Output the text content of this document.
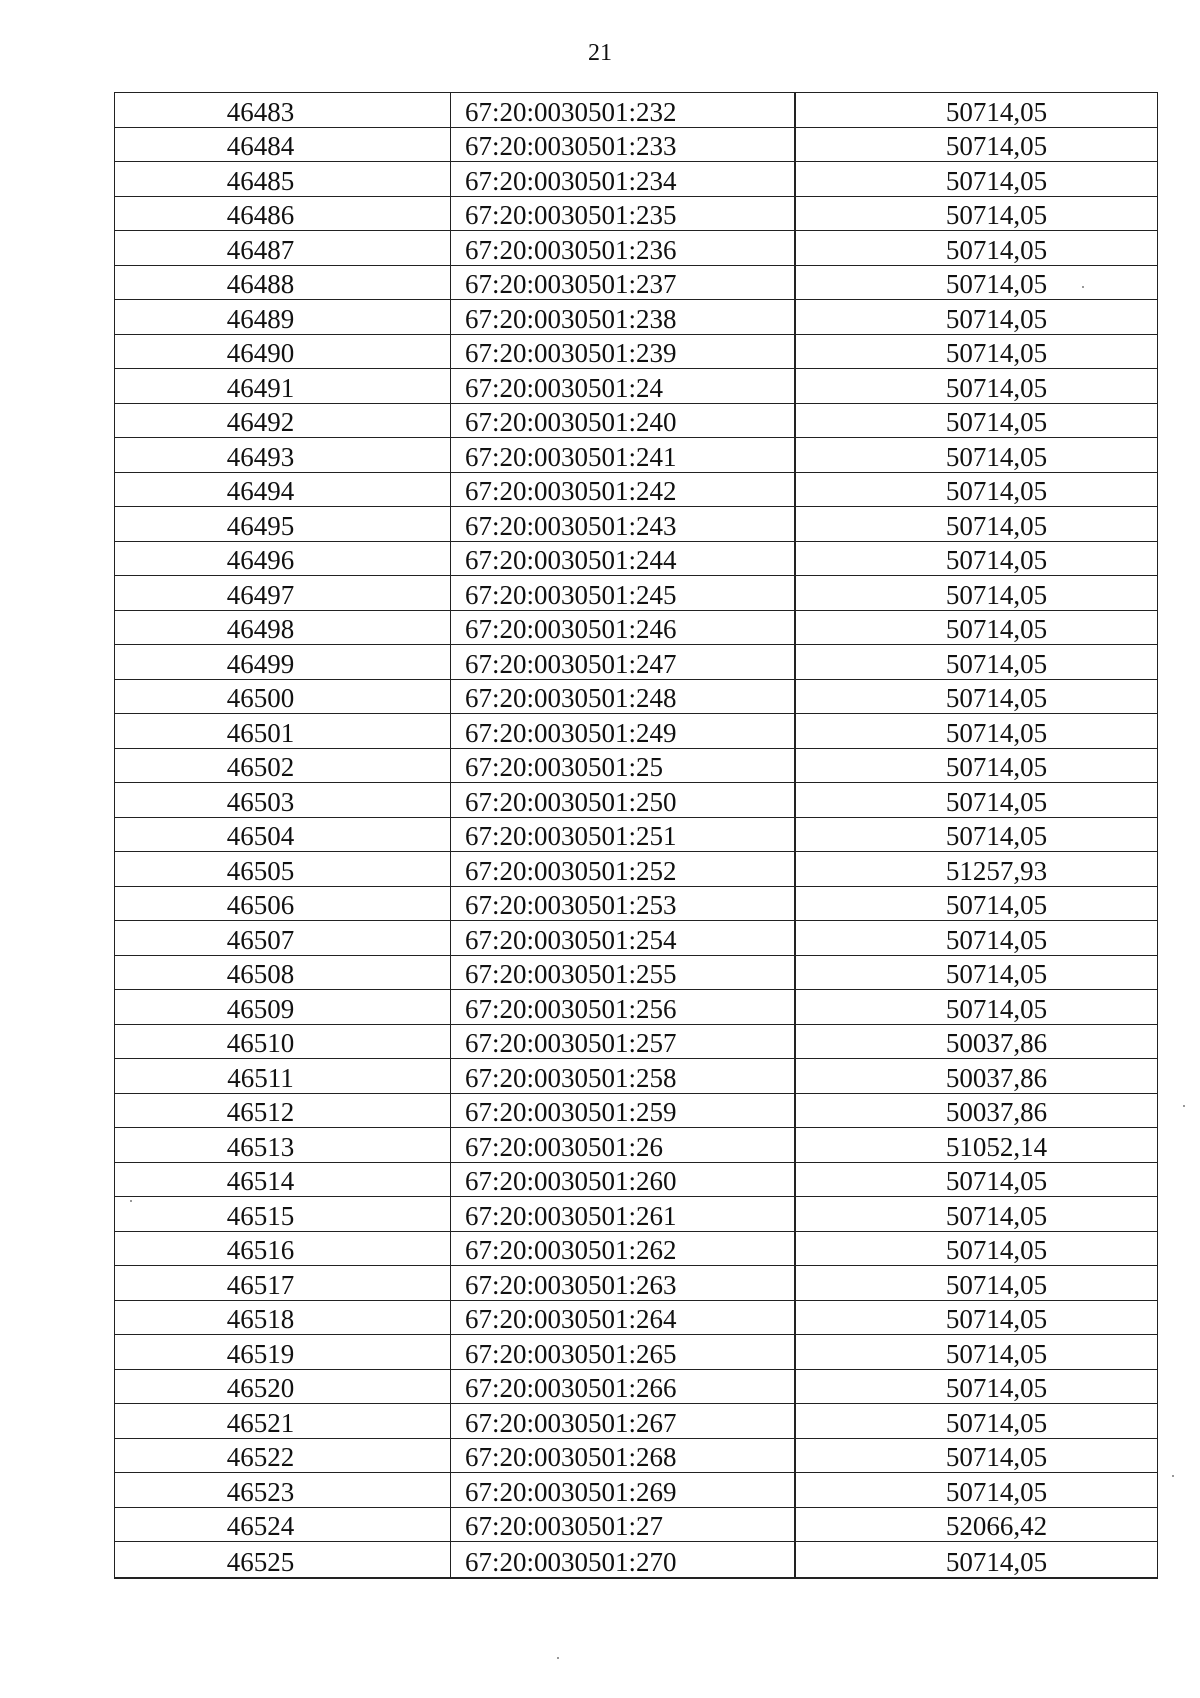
21
46483	67:20:0030501:232	50714,05
46484	67:20:0030501:233	50714,05
46485	67:20:0030501:234	50714,05
46486	67:20:0030501:235	50714,05
46487	67:20:0030501:236	50714,05
46488	67:20:0030501:237	50714,05
46489	67:20:0030501:238	50714,05
46490	67:20:0030501:239	50714,05
46491	67:20:0030501:24	50714,05
46492	67:20:0030501:240	50714,05
46493	67:20:0030501:241	50714,05
46494	67:20:0030501:242	50714,05
46495	67:20:0030501:243	50714,05
46496	67:20:0030501:244	50714,05
46497	67:20:0030501:245	50714,05
46498	67:20:0030501:246	50714,05
46499	67:20:0030501:247	50714,05
46500	67:20:0030501:248	50714,05
46501	67:20:0030501:249	50714,05
46502	67:20:0030501:25	50714,05
46503	67:20:0030501:250	50714,05
46504	67:20:0030501:251	50714,05
46505	67:20:0030501:252	51257,93
46506	67:20:0030501:253	50714,05
46507	67:20:0030501:254	50714,05
46508	67:20:0030501:255	50714,05
46509	67:20:0030501:256	50714,05
46510	67:20:0030501:257	50037,86
46511	67:20:0030501:258	50037,86
46512	67:20:0030501:259	50037,86
46513	67:20:0030501:26	51052,14
46514	67:20:0030501:260	50714,05
46515	67:20:0030501:261	50714,05
46516	67:20:0030501:262	50714,05
46517	67:20:0030501:263	50714,05
46518	67:20:0030501:264	50714,05
46519	67:20:0030501:265	50714,05
46520	67:20:0030501:266	50714,05
46521	67:20:0030501:267	50714,05
46522	67:20:0030501:268	50714,05
46523	67:20:0030501:269	50714,05
46524	67:20:0030501:27	52066,42
46525	67:20:0030501:270	50714,05
